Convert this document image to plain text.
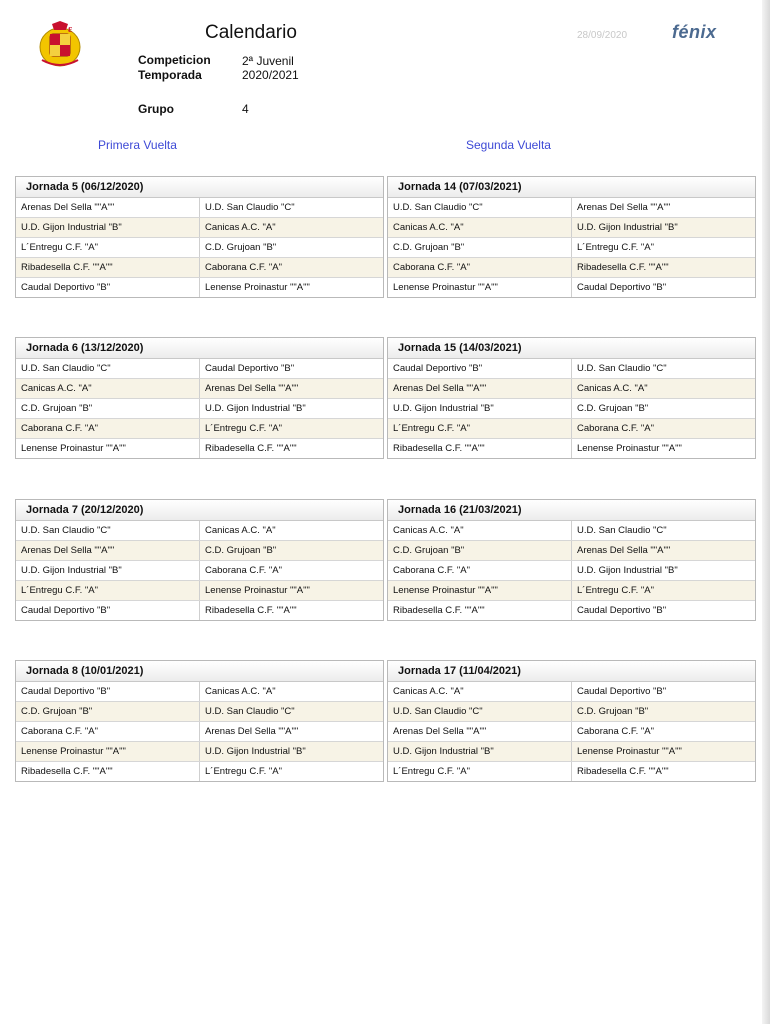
ε	Calendario
Competicion	2ª Juvenil
Temporada	2020/2021
Grupo	4
28/09/2020 fénix
Primera Vuelta	Segunda Vuelta
Jornada 5 (06/12/2020)
Arenas Del Sella ""A""	U.D. San Claudio "C"
U.D. Gijon Industrial "B"	Canicas A.C. "A"
L´Entregu C.F. "A"	C.D. Grujoan "B"
Ribadesella C.F. ""A""	Caborana C.F. "A"
Caudal Deportivo "B"	Lenense Proinastur ""A""
Jornada 6 (13/12/2020)
U.D. San Claudio "C"	Caudal Deportivo "B"
Canicas A.C. "A"	Arenas Del Sella ""A""
C.D. Grujoan "B"	U.D. Gijon Industrial "B"
Caborana C.F. "A"	L´Entregu C.F. "A"
Lenense Proinastur ""A""	Ribadesella C.F. ""A""
Jornada 7 (20/12/2020)
U.D. San Claudio "C"	Canicas A.C. "A"
Arenas Del Sella ""A""	C.D. Grujoan "B"
U.D. Gijon Industrial "B"	Caborana C.F. "A"
L´Entregu C.F. "A"	Lenense Proinastur ""A""
Caudal Deportivo "B"	Ribadesella C.F. ""A""
Jornada 8 (10/01/2021)
Caudal Deportivo "B"	Canicas A.C. "A"
C.D. Grujoan "B"	U.D. San Claudio "C"
Caborana C.F. "A"	Arenas Del Sella ""A""
Lenense Proinastur ""A""	U.D. Gijon Industrial "B"
Ribadesella C.F. ""A""	L´Entregu C.F. "A"
Jornada 14 (07/03/2021)
U.D. San Claudio "C"	Arenas Del Sella ""A""
Canicas A.C. "A"	U.D. Gijon Industrial "B"
C.D. Grujoan "B"	L´Entregu C.F. "A"
Caborana C.F. "A"	Ribadesella C.F. ""A""
Lenense Proinastur ""A""	Caudal Deportivo "B"
Jornada 15 (14/03/2021)
Caudal Deportivo "B"	U.D. San Claudio "C"
Arenas Del Sella ""A""	Canicas A.C. "A"
U.D. Gijon Industrial "B"	C.D. Grujoan "B"
L´Entregu C.F. "A"	Caborana C.F. "A"
Ribadesella C.F. ""A""	Lenense Proinastur ""A""
Jornada 16 (21/03/2021)
Canicas A.C. "A"	U.D. San Claudio "C"
C.D. Grujoan "B"	Arenas Del Sella ""A""
Caborana C.F. "A"	U.D. Gijon Industrial "B"
Lenense Proinastur ""A""	L´Entregu C.F. "A"
Ribadesella C.F. ""A""	Caudal Deportivo "B"
Jornada 17 (11/04/2021)
Canicas A.C. "A"	Caudal Deportivo "B"
U.D. San Claudio "C"	C.D. Grujoan "B"
Arenas Del Sella ""A""	Caborana C.F. "A"
U.D. Gijon Industrial "B"	Lenense Proinastur ""A""
L´Entregu C.F. "A"	Ribadesella C.F. ""A""
